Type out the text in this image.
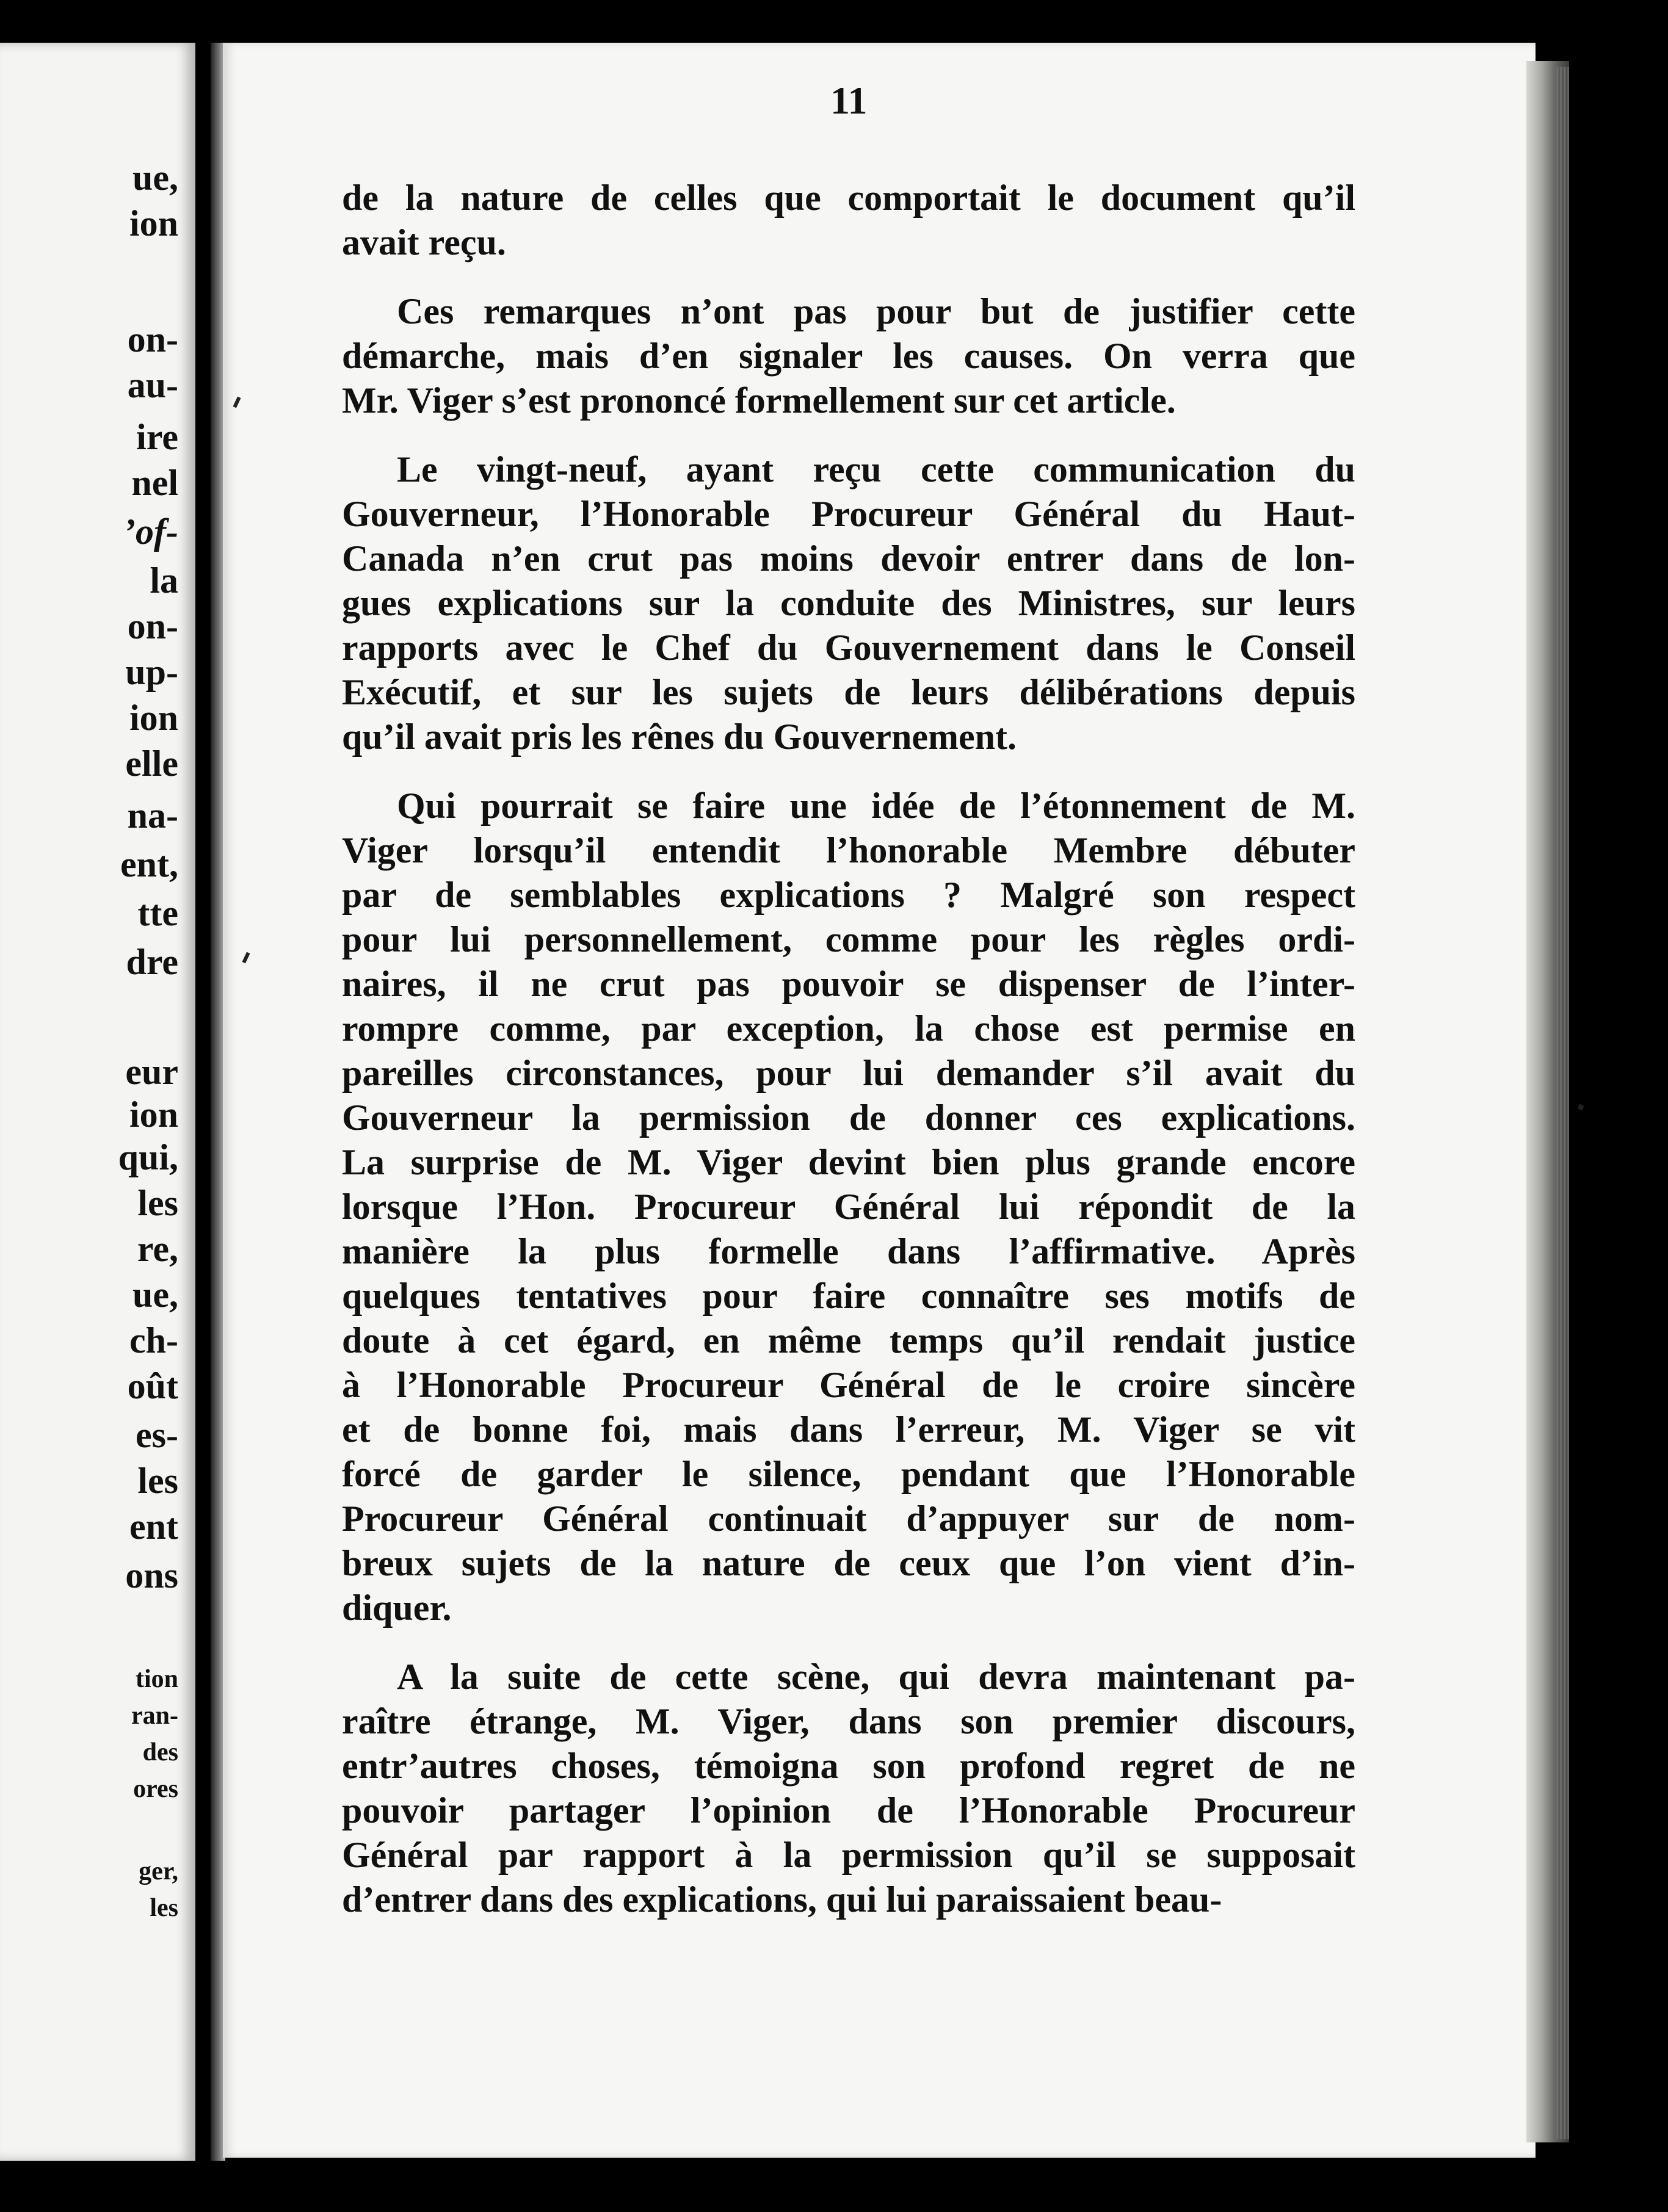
ue,
ion
on-
au-
ire
nel
’of-
la
on-
up-
ion
elle
na-
ent,
tte
dre
eur
ion
qui,
les
re,
ue,
ch-
oût
es-
les
ent
ons
tion
ran-
des
ores
ger,
les
11

de la nature de celles que comportait le document qu’il
avait reçu.

Ces remarques n’ont pas pour but de justifier cette
démarche, mais d’en signaler les causes. On verra que
Mr. Viger s’est prononcé formellement sur cet article.

Le vingt-neuf, ayant reçu cette communication du
Gouverneur, l’Honorable Procureur Général du Haut-
Canada n’en crut pas moins devoir entrer dans de lon-
gues explications sur la conduite des Ministres, sur leurs
rapports avec le Chef du Gouvernement dans le Conseil
Exécutif, et sur les sujets de leurs délibérations depuis
qu’il avait pris les rênes du Gouvernement.

Qui pourrait se faire une idée de l’étonnement de M.
Viger lorsqu’il entendit l’honorable Membre débuter
par de semblables explications ? Malgré son respect
pour lui personnellement, comme pour les règles ordi-
naires, il ne crut pas pouvoir se dispenser de l’inter-
rompre comme, par exception, la chose est permise en
pareilles circonstances, pour lui demander s’il avait du
Gouverneur la permission de donner ces explications.
La surprise de M. Viger devint bien plus grande encore
lorsque l’Hon. Procureur Général lui répondit de la
manière la plus formelle dans l’affirmative. Après
quelques tentatives pour faire connaître ses motifs de
doute à cet égard, en même temps qu’il rendait justice
à l’Honorable Procureur Général de le croire sincère
et de bonne foi, mais dans l’erreur, M. Viger se vit
forcé de garder le silence, pendant que l’Honorable
Procureur Général continuait d’appuyer sur de nom-
breux sujets de la nature de ceux que l’on vient d’in-
diquer.

A la suite de cette scène, qui devra maintenant pa-
raître étrange, M. Viger, dans son premier discours,
entr’autres choses, témoigna son profond regret de ne
pouvoir partager l’opinion de l’Honorable Procureur
Général par rapport à la permission qu’il se supposait
d’entrer dans des explications, qui lui paraissaient beau-
